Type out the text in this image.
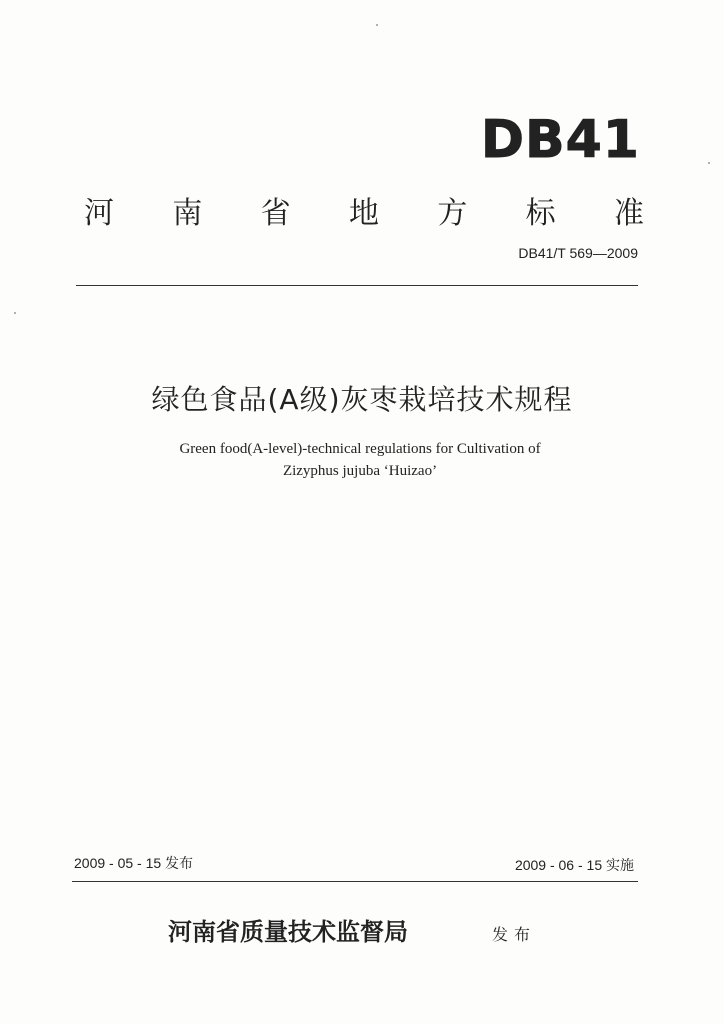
DB41
河 南 省 地 方 标 准
DB41/T 569—2009
绿色食品(A级)灰枣栽培技术规程
Green food(A-level)-technical regulations for Cultivation of
Zizyphus jujuba ‘Huizao’
2009 - 05 - 15 发布	2009 - 06 - 15 实施
河南省质量技术监督局	发布
